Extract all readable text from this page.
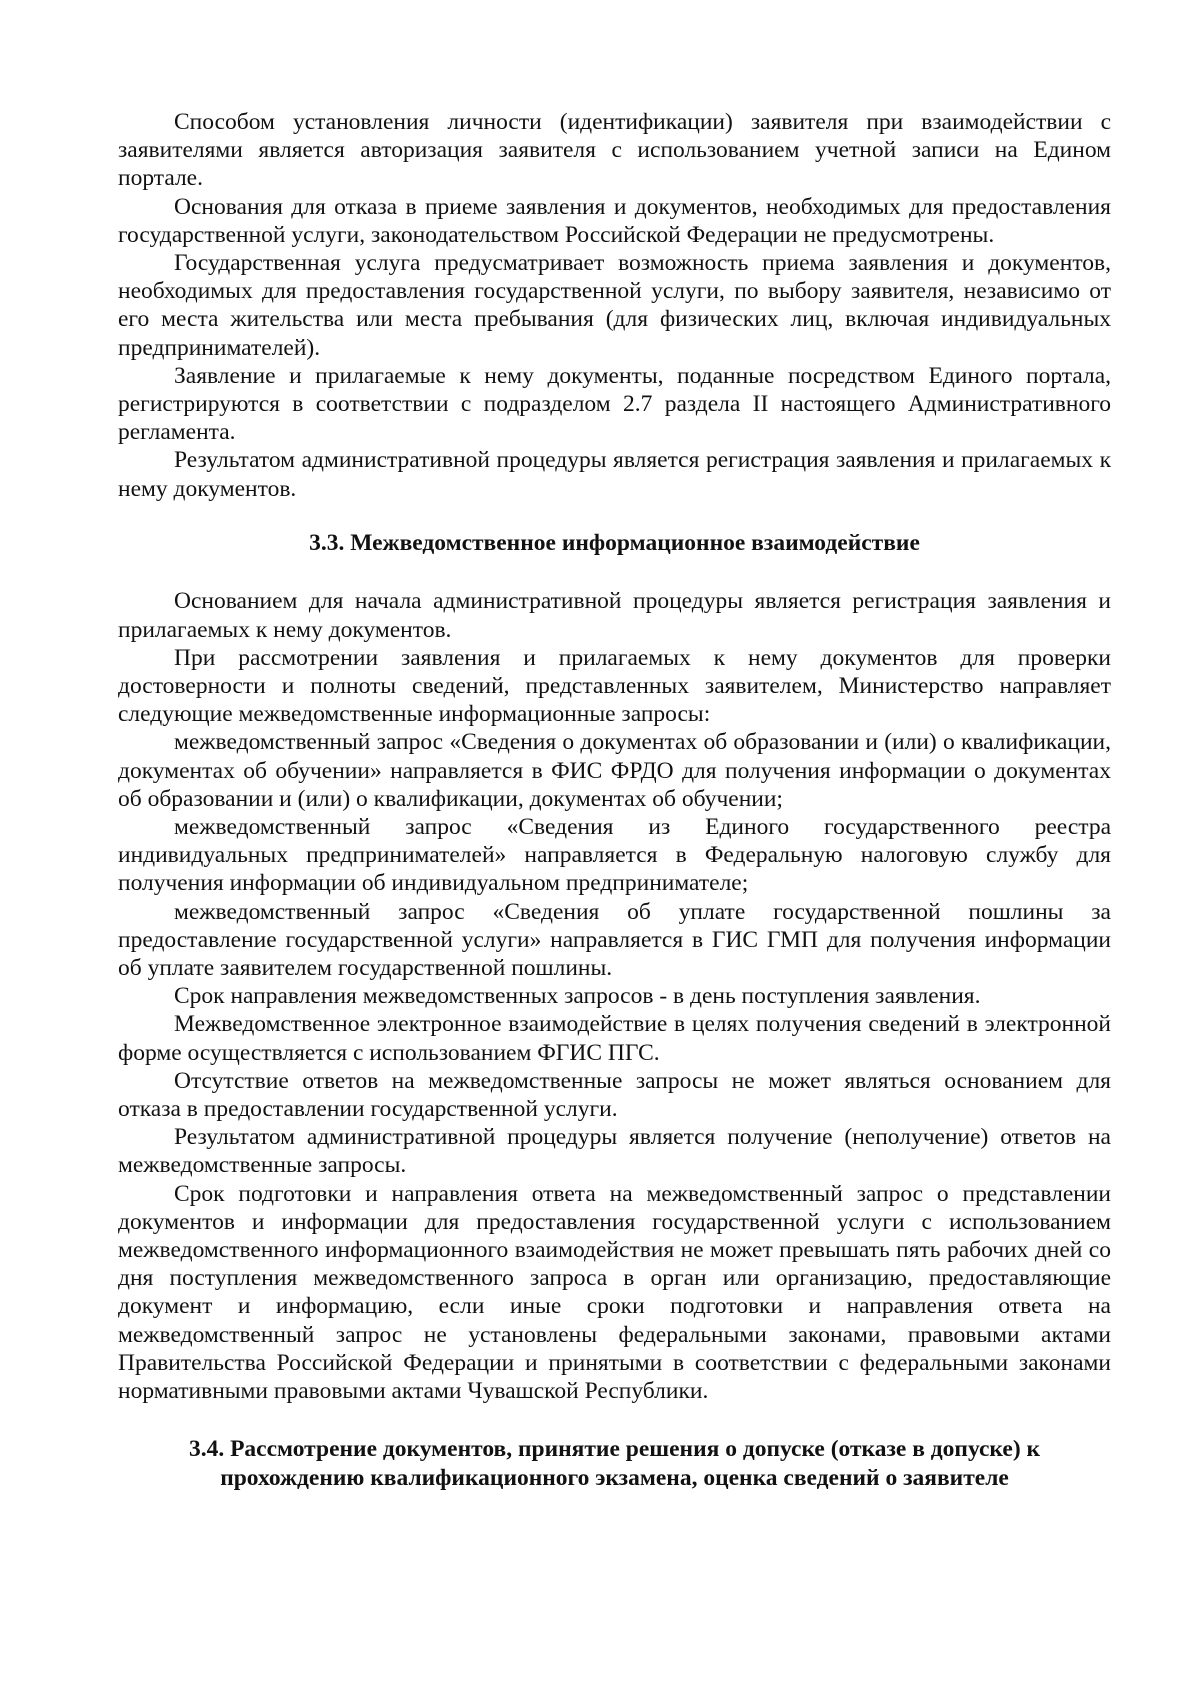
Способом установления личности (идентификации) заявителя при взаимодействии с заявителями является авторизация заявителя с использованием учетной записи на Едином портале.

Основания для отказа в приеме заявления и документов, необходимых для предоставления государственной услуги, законодательством Российской Федерации не предусмотрены.

Государственная услуга предусматривает возможность приема заявления и документов, необходимых для предоставления государственной услуги, по выбору заявителя, независимо от его места жительства или места пребывания (для физических лиц, включая индивидуальных предпринимателей).

Заявление и прилагаемые к нему документы, поданные посредством Единого портала, регистрируются в соответствии с подразделом 2.7 раздела II настоящего Административного регламента.

Результатом административной процедуры является регистрация заявления и прилагаемых к нему документов.

3.3. Межведомственное информационное взаимодействие

Основанием для начала административной процедуры является регистрация заявления и прилагаемых к нему документов.

При рассмотрении заявления и прилагаемых к нему документов для проверки достоверности и полноты сведений, представленных заявителем, Министерство направляет следующие межведомственные информационные запросы:

межведомственный запрос «Сведения о документах об образовании и (или) о квалификации, документах об обучении» направляется в ФИС ФРДО для получения информации о документах об образовании и (или) о квалификации, документах об обучении;

межведомственный запрос «Сведения из Единого государственного реестра индивидуальных предпринимателей» направляется в Федеральную налоговую службу для получения информации об индивидуальном предпринимателе;

межведомственный запрос «Сведения об уплате государственной пошлины за предоставление государственной услуги» направляется в ГИС ГМП для получения информации об уплате заявителем государственной пошлины.

Срок направления межведомственных запросов - в день поступления заявления.

Межведомственное электронное взаимодействие в целях получения сведений в электронной форме осуществляется с использованием ФГИС ПГС.

Отсутствие ответов на межведомственные запросы не может являться основанием для отказа в предоставлении государственной услуги.

Результатом административной процедуры является получение (неполучение) ответов на межведомственные запросы.

Срок подготовки и направления ответа на межведомственный запрос о представлении документов и информации для предоставления государственной услуги с использованием межведомственного информационного взаимодействия не может превышать пять рабочих дней со дня поступления межведомственного запроса в орган или организацию, предоставляющие документ и информацию, если иные сроки подготовки и направления ответа на межведомственный запрос не установлены федеральными законами, правовыми актами Правительства Российской Федерации и принятыми в соответствии с федеральными законами нормативными правовыми актами Чувашской Республики.

3.4. Рассмотрение документов, принятие решения о допуске (отказе в допуске) к прохождению квалификационного экзамена, оценка сведений о заявителе
